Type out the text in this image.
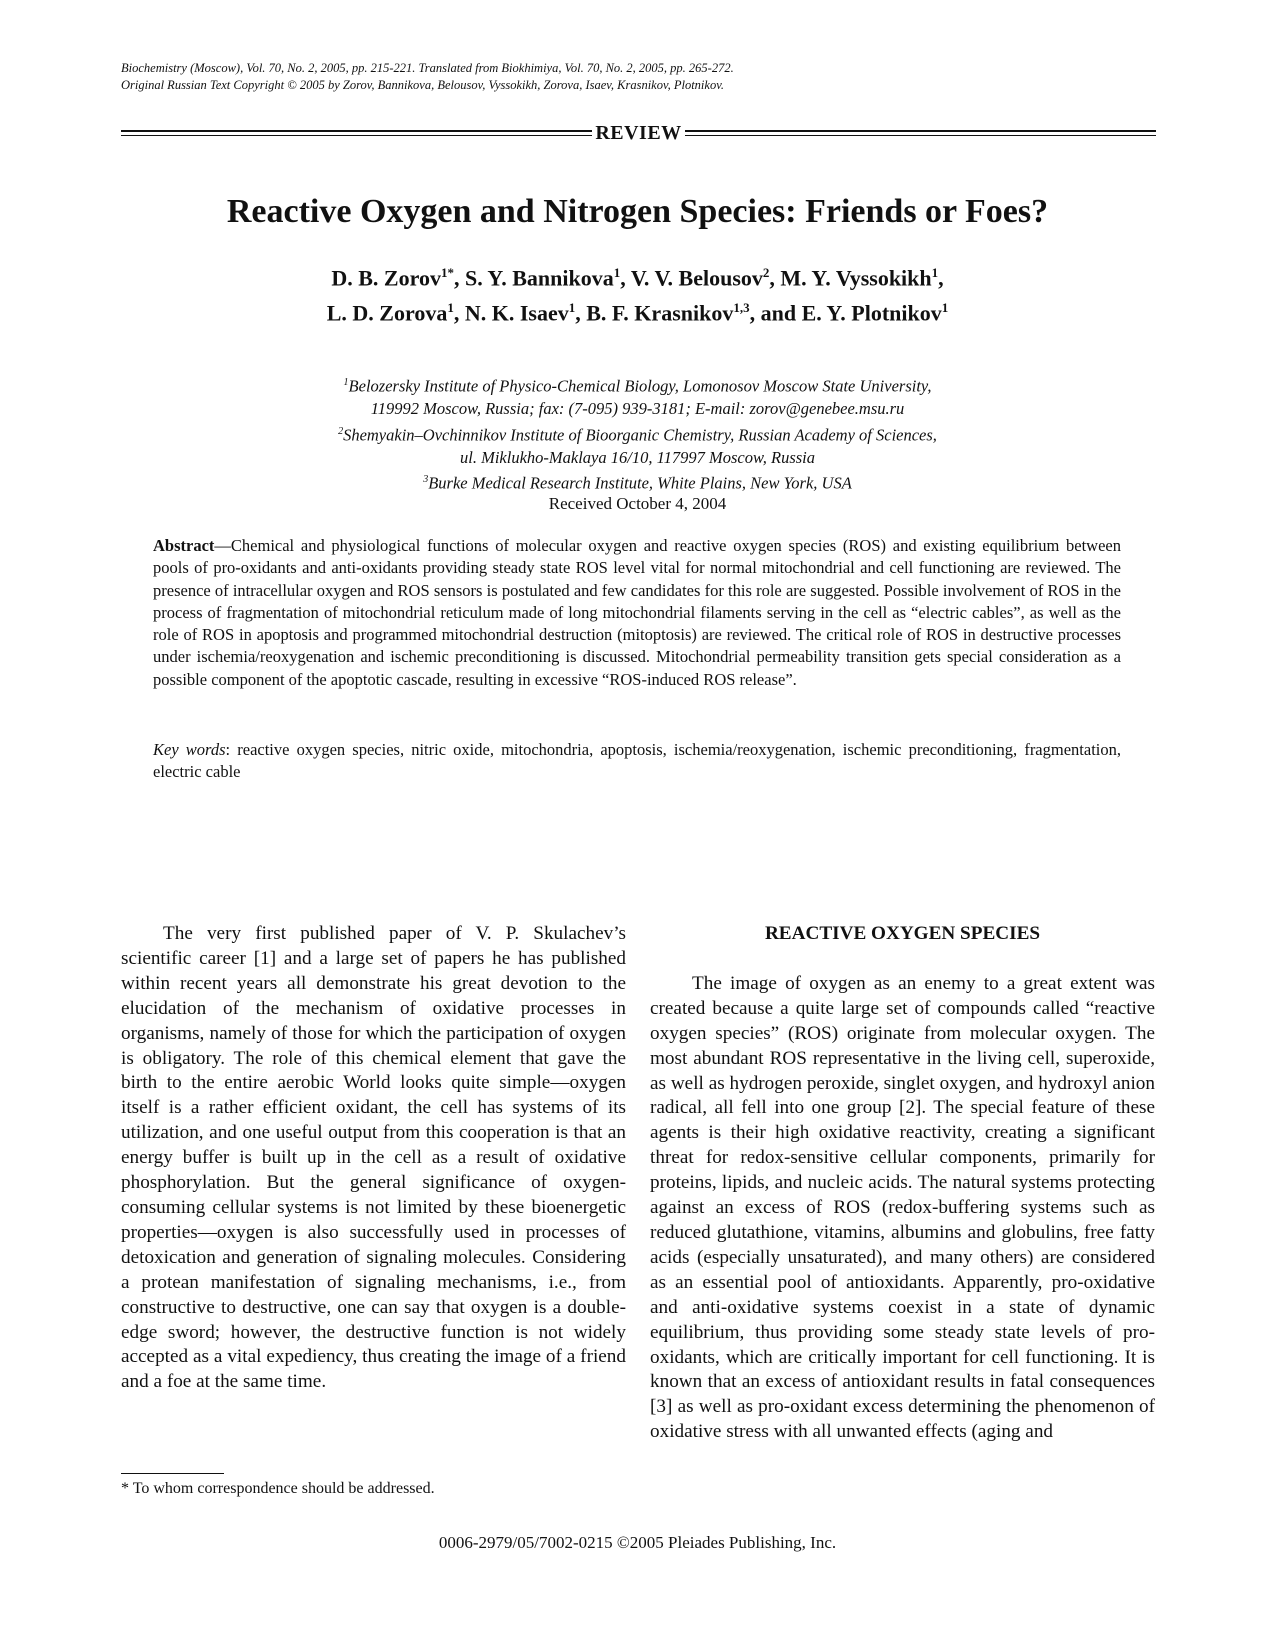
Biochemistry (Moscow), Vol. 70, No. 2, 2005, pp. 215-221. Translated from Biokhimiya, Vol. 70, No. 2, 2005, pp. 265-272.
Original Russian Text Copyright © 2005 by Zorov, Bannikova, Belousov, Vyssokikh, Zorova, Isaev, Krasnikov, Plotnikov.
REVIEW
Reactive Oxygen and Nitrogen Species: Friends or Foes?
D. B. Zorov$^{1*}$, S. Y. Bannikova$^1$, V. V. Belousov$^2$, M. Y. Vyssokikh$^1$,
L. D. Zorova$^1$, N. K. Isaev$^1$, B. F. Krasnikov$^{1,3}$, and E. Y. Plotnikov$^1$
$^1$Belozersky Institute of Physico-Chemical Biology, Lomonosov Moscow State University,
119992 Moscow, Russia; fax: (7-095) 939-3181; E-mail: zorov@genebee.msu.ru
$^2$Shemyakin–Ovchinnikov Institute of Bioorganic Chemistry, Russian Academy of Sciences,
ul. Miklukho-Maklaya 16/10, 117997 Moscow, Russia
$^3$Burke Medical Research Institute, White Plains, New York, USA
Received October 4, 2004

Abstract—Chemical and physiological functions of molecular oxygen and reactive oxygen species (ROS) and existing equilibrium between pools of pro-oxidants and anti-oxidants providing steady state ROS level vital for normal mitochondrial and cell functioning are reviewed. The presence of intracellular oxygen and ROS sensors is postulated and few candidates for this role are suggested. Possible involvement of ROS in the process of fragmentation of mitochondrial reticulum made of long mitochondrial filaments serving in the cell as “electric cables”, as well as the role of ROS in apoptosis and programmed mitochondrial destruction (mitoptosis) are reviewed. The critical role of ROS in destructive processes under ischemia/reoxygenation and ischemic preconditioning is discussed. Mitochondrial permeability transition gets special consideration as a possible component of the apoptotic cascade, resulting in excessive “ROS-induced ROS release”.

Key words: reactive oxygen species, nitric oxide, mitochondria, apoptosis, ischemia/reoxygenation, ischemic preconditioning, fragmentation, electric cable

The very first published paper of V. P. Skulachev’s scientific career [1] and a large set of papers he has published within recent years all demonstrate his great devotion to the elucidation of the mechanism of oxidative processes in organisms, namely of those for which the participation of oxygen is obligatory. The role of this chemical element that gave the birth to the entire aerobic World looks quite simple—oxygen itself is a rather efficient oxidant, the cell has systems of its utilization, and one useful output from this cooperation is that an energy buffer is built up in the cell as a result of oxidative phosphorylation. But the general significance of oxygen-consuming cellular systems is not limited by these bioenergetic properties—oxygen is also successfully used in processes of detoxication and generation of signaling molecules. Considering a protean manifestation of signaling mechanisms, i.e., from constructive to destructive, one can say that oxygen is a double-edge sword; however, the destructive function is not widely accepted as a vital expediency, thus creating the image of a friend and a foe at the same time.

REACTIVE OXYGEN SPECIES

The image of oxygen as an enemy to a great extent was created because a quite large set of compounds called “reactive oxygen species” (ROS) originate from molecular oxygen. The most abundant ROS representative in the living cell, superoxide, as well as hydrogen peroxide, singlet oxygen, and hydroxyl anion radical, all fell into one group [2]. The special feature of these agents is their high oxidative reactivity, creating a significant threat for redox-sensitive cellular components, primarily for proteins, lipids, and nucleic acids. The natural systems protecting against an excess of ROS (redox-buffering systems such as reduced glutathione, vitamins, albumins and globulins, free fatty acids (especially unsaturated), and many others) are considered as an essential pool of antioxidants. Apparently, pro-oxidative and anti-oxidative systems coexist in a state of dynamic equilibrium, thus providing some steady state levels of pro-oxidants, which are critically important for cell functioning. It is known that an excess of antioxidant results in fatal consequences [3] as well as pro-oxidant excess determining the phenomenon of oxidative stress with all unwanted effects (aging and

* To whom correspondence should be addressed.
0006-2979/05/7002-0215 ©2005 Pleiades Publishing, Inc.
